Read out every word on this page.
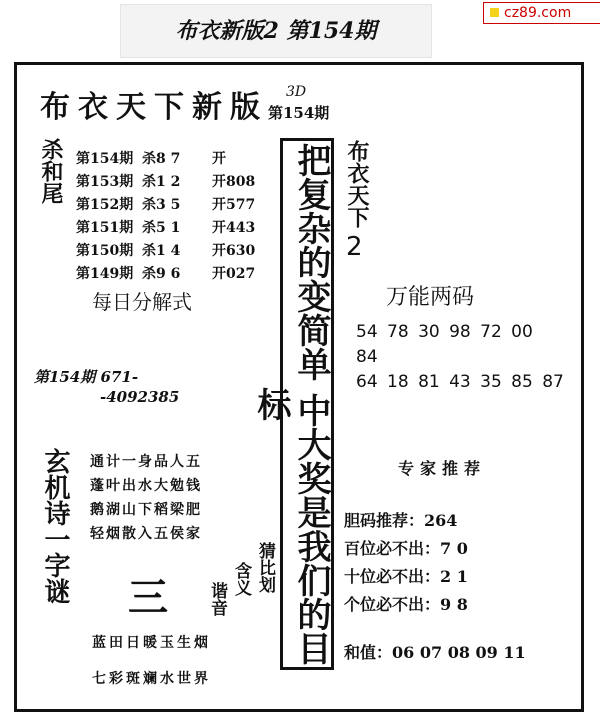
布衣新版2 第154期
cz89.com
布衣天下新版 3D
第154期
杀和尾 第154期 杀8 7 开
第153期 杀1 2 开808
第152期 杀3 5 开577
第151期 杀5 1 开443
第150期 杀1 4 开630
第149期 杀9 6 开027
每日分解式
第154期 671-
-4092385	把复杂的变简单 中大奖是我们的目标
布衣天下
2
万能两码
54 78 30 98 72 00
84
64 18 81 43 35 85 87
玄机诗一字谜 通计一身品人五
蓬叶出水大勉钱
鹅湖山下稻梁肥
轻烟散入五侯家
三
猜比划
含义
谐音
蓝田日暖玉生烟
七彩斑斓水世界
专家推荐
胆码推荐：264
百位必不出：7 0
十位必不出：2 1
个位必不出：9 8
和值：06 07 08 09 11
